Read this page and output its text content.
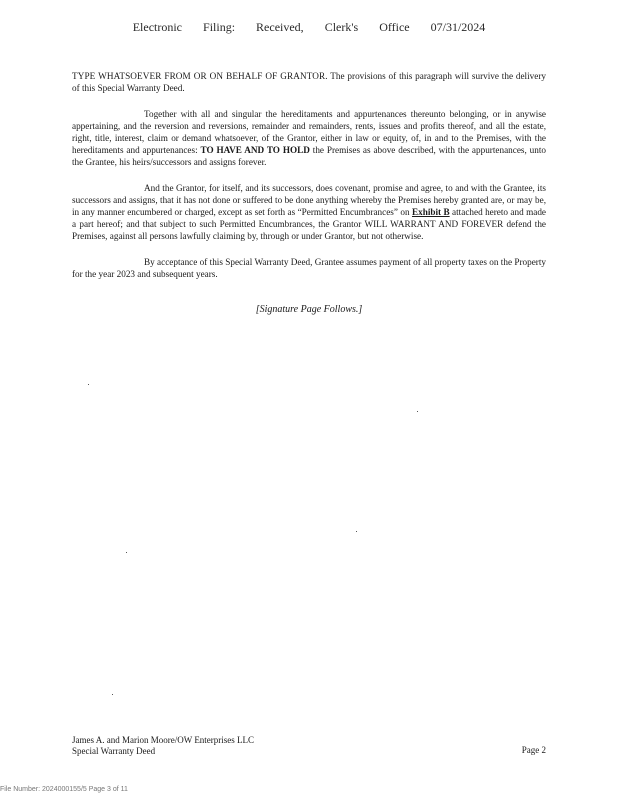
Electronic Filing: Received, Clerk's Office 07/31/2024

TYPE WHATSOEVER FROM OR ON BEHALF OF GRANTOR. The provisions of this paragraph will survive the delivery of this Special Warranty Deed.

Together with all and singular the hereditaments and appurtenances thereunto belonging, or in anywise appertaining, and the reversion and reversions, remainder and remainders, rents, issues and profits thereof, and all the estate, right, title, interest, claim or demand whatsoever, of the Grantor, either in law or equity, of, in and to the Premises, with the hereditaments and appurtenances: TO HAVE AND TO HOLD the Premises as above described, with the appurtenances, unto the Grantee, his heirs/successors and assigns forever.

And the Grantor, for itself, and its successors, does covenant, promise and agree, to and with the Grantee, its successors and assigns, that it has not done or suffered to be done anything whereby the Premises hereby granted are, or may be, in any manner encumbered or charged, except as set forth as “Permitted Encumbrances” on Exhibit B attached hereto and made a part hereof; and that subject to such Permitted Encumbrances, the Grantor WILL WARRANT AND FOREVER defend the Premises, against all persons lawfully claiming by, through or under Grantor, but not otherwise.

By acceptance of this Special Warranty Deed, Grantee assumes payment of all property taxes on the Property for the year 2023 and subsequent years.

[Signature Page Follows.]
James A. and Marion Moore/OW Enterprises LLC
Special Warranty Deed	Page 2
File Number: 2024000155/5 Page 3 of 11
